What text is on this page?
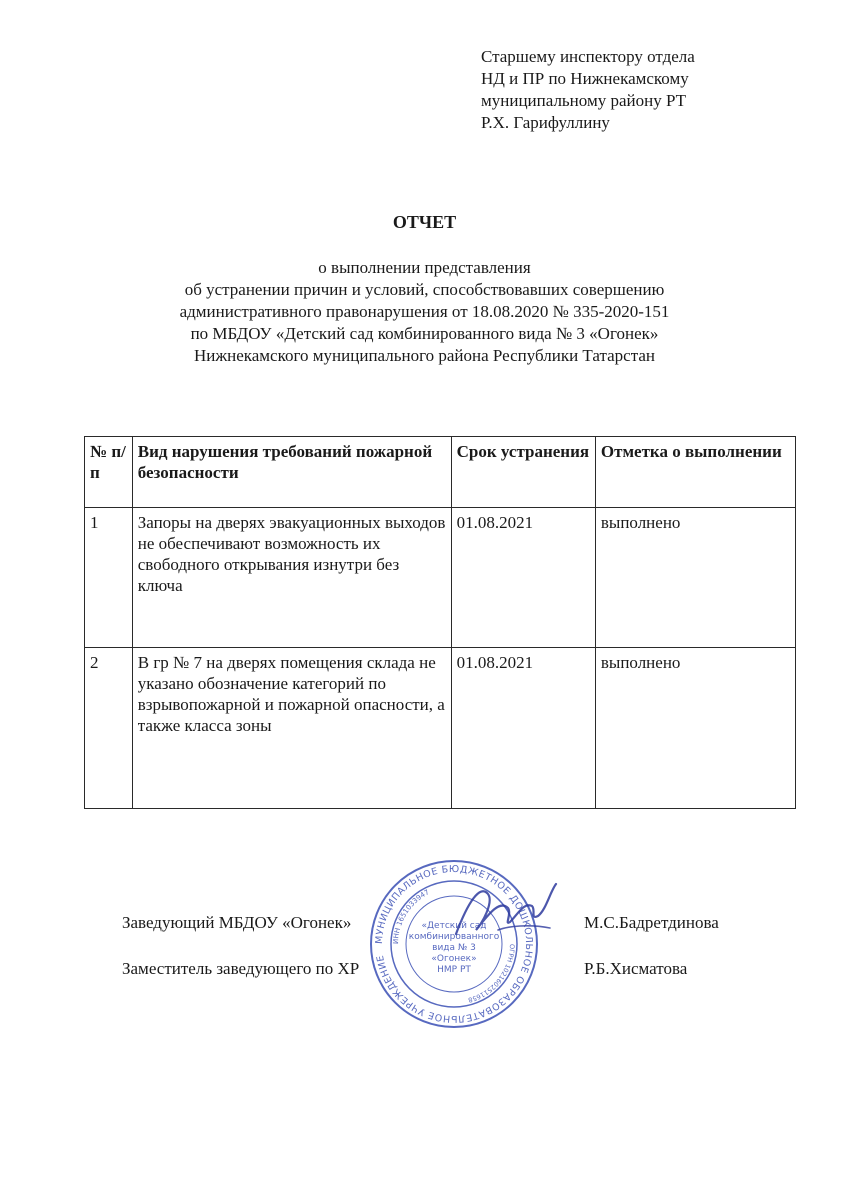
Старшему инспектору отдела
НД и ПР по Нижнекамскому
муниципальному району РТ
Р.Х. Гарифуллину
ОТЧЕТ
о выполнении представления
об устранении причин и условий, способствовавших совершению
административного правонарушения от 18.08.2020 № 335-2020-151
по МБДОУ «Детский сад комбинированного вида № 3 «Огонек»
Нижнекамского муниципального района Республики Татарстан
№ п/п	Вид нарушения требований пожарной безопасности	Срок устранения	Отметка о выполнении
1	Запоры на дверях эвакуационных выходов не обеспечивают возможность их свободного открывания изнутри без ключа	01.08.2021	выполнено
2	В гр № 7 на дверях помещения склада не указано обозначение категорий по взрывопожарной и пожарной опасности, а также класса зоны	01.08.2021	выполнено
Заведующий МБДОУ «Огонек»	М.С.Бадретдинова
Заместитель заведующего по ХР	Р.Б.Хисматова
МУНИЦИПАЛЬНОЕ БЮДЖЕТНОЕ ДОШКОЛЬНОЕ ОБРАЗОВАТЕЛЬНОЕ УЧРЕЖДЕНИЕ
ИНН 1651033947
ОГРН 1021602511658
«Детский сад
комбинированного
вида № 3
«Огонек»
НМР РТ
